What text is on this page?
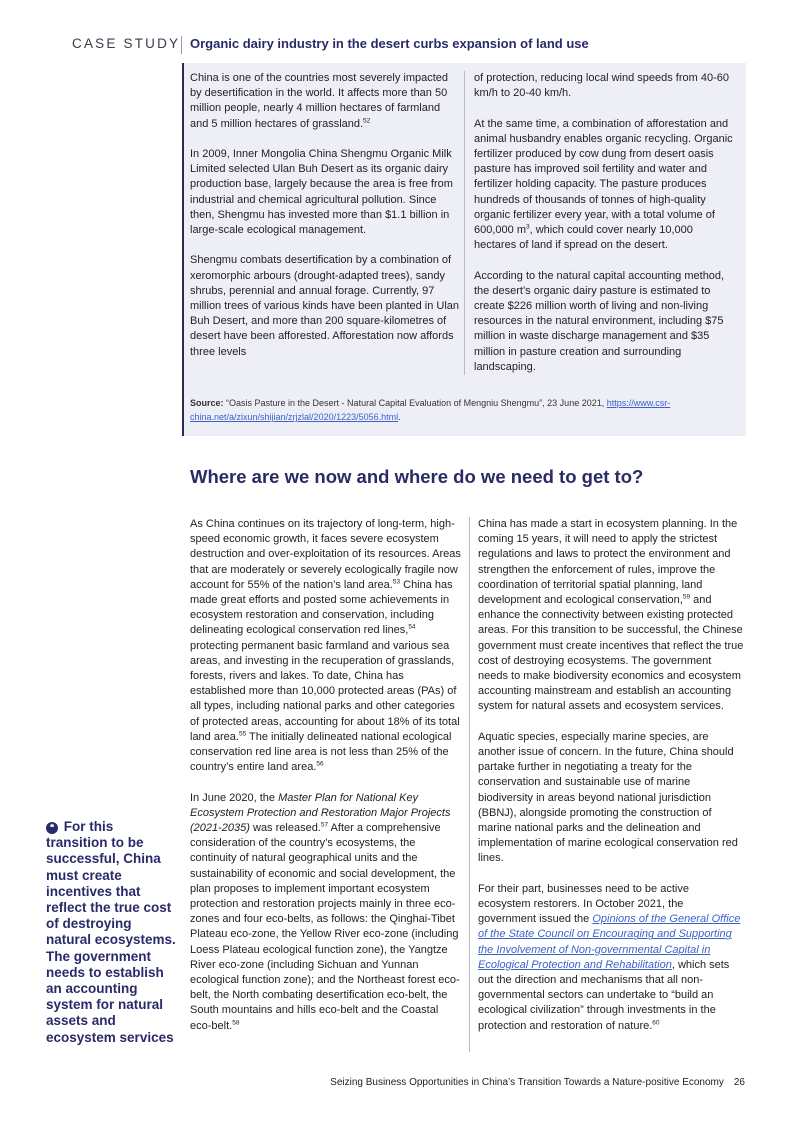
CASE STUDY Organic dairy industry in the desert curbs expansion of land use

China is one of the countries most severely impacted by desertification in the world. It affects more than 50 million people, nearly 4 million hectares of farmland and 5 million hectares of grassland.$^{52}$

In 2009, Inner Mongolia China Shengmu Organic Milk Limited selected Ulan Buh Desert as its organic dairy production base, largely because the area is free from industrial and chemical agricultural pollution. Since then, Shengmu has invested more than $1.1 billion in large-scale ecological management.

Shengmu combats desertification by a combination of xeromorphic arbours (drought-adapted trees), sandy shrubs, perennial and annual forage. Currently, 97 million trees of various kinds have been planted in Ulan Buh Desert, and more than 200 square-kilometres of desert have been afforested. Afforestation now affords three levels

of protection, reducing local wind speeds from 40-60 km/h to 20-40 km/h.

At the same time, a combination of afforestation and animal husbandry enables organic recycling. Organic fertilizer produced by cow dung from desert oasis pasture has improved soil fertility and water and fertilizer holding capacity. The pasture produces hundreds of thousands of tonnes of high-quality organic fertilizer every year, with a total volume of 600,000 $m^3$, which could cover nearly 10,000 hectares of land if spread on the desert.

According to the natural capital accounting method, the desert’s organic dairy pasture is estimated to create $226 million worth of living and non-living resources in the natural environment, including $75 million in waste discharge management and $35 million in pasture creation and surrounding landscaping.

Source: “Oasis Pasture in the Desert - Natural Capital Evaluation of Mengniu Shengmu”, 23 June 2021, https://www.csr-china.net/a/zixun/shijian/zrjzlal/2020/1223/5056.html.
Where are we now and where do we need to get to?

As China continues on its trajectory of long-term, high-speed economic growth, it faces severe ecosystem destruction and over-exploitation of its resources. Areas that are moderately or severely ecologically fragile now account for 55% of the nation’s land area.$^{53}$ China has made great efforts and posted some achievements in ecosystem restoration and conservation, including delineating ecological conservation red lines,$^{54}$ protecting permanent basic farmland and various sea areas, and investing in the recuperation of grasslands, forests, rivers and lakes. To date, China has established more than 10,000 protected areas (PAs) of all types, including national parks and other categories of protected areas, accounting for about 18% of its total land area.$^{55}$ The initially delineated national ecological conservation red line area is not less than 25% of the country’s entire land area.$^{56}$

In June 2020, the Master Plan for National Key Ecosystem Protection and Restoration Major Projects (2021-2035) was released.$^{57}$ After a comprehensive consideration of the country’s ecosystems, the continuity of natural geographical units and the sustainability of economic and social development, the plan proposes to implement important ecosystem protection and restoration projects mainly in three eco-zones and four eco-belts, as follows: the Qinghai-Tibet Plateau eco-zone, the Yellow River eco-zone (including Loess Plateau ecological function zone), the Yangtze River eco-zone (including Sichuan and Yunnan ecological function zone); and the Northeast forest eco-belt, the North combating desertification eco-belt, the South mountains and hills eco-belt and the Coastal eco-belt.$^{58}$

China has made a start in ecosystem planning. In the coming 15 years, it will need to apply the strictest regulations and laws to protect the environment and strengthen the enforcement of rules, improve the coordination of territorial spatial planning, land development and ecological conservation,$^{59}$ and enhance the connectivity between existing protected areas. For this transition to be successful, the Chinese government must create incentives that reflect the true cost of destroying ecosystems. The government needs to make biodiversity economics and ecosystem accounting mainstream and establish an accounting system for natural assets and ecosystem services.

Aquatic species, especially marine species, are another issue of concern. In the future, China should partake further in negotiating a treaty for the conservation and sustainable use of marine biodiversity in areas beyond national jurisdiction (BBNJ), alongside promoting the construction of marine national parks and the delineation and implementation of marine ecological conservation red lines.

For their part, businesses need to be active ecosystem restorers. In October 2021, the government issued the Opinions of the General Office of the State Council on Encouraging and Supporting the Involvement of Non-governmental Capital in Ecological Protection and Rehabilitation, which sets out the direction and mechanisms that all non-governmental sectors can undertake to “build an ecological civilization” through investments in the protection and restoration of nature.$^{60}$

❝ For this transition to be successful, China must create incentives that reflect the true cost of destroying natural ecosystems. The government needs to establish an accounting system for natural assets and ecosystem services
Seizing Business Opportunities in China’s Transition Towards a Nature-positive Economy 26
